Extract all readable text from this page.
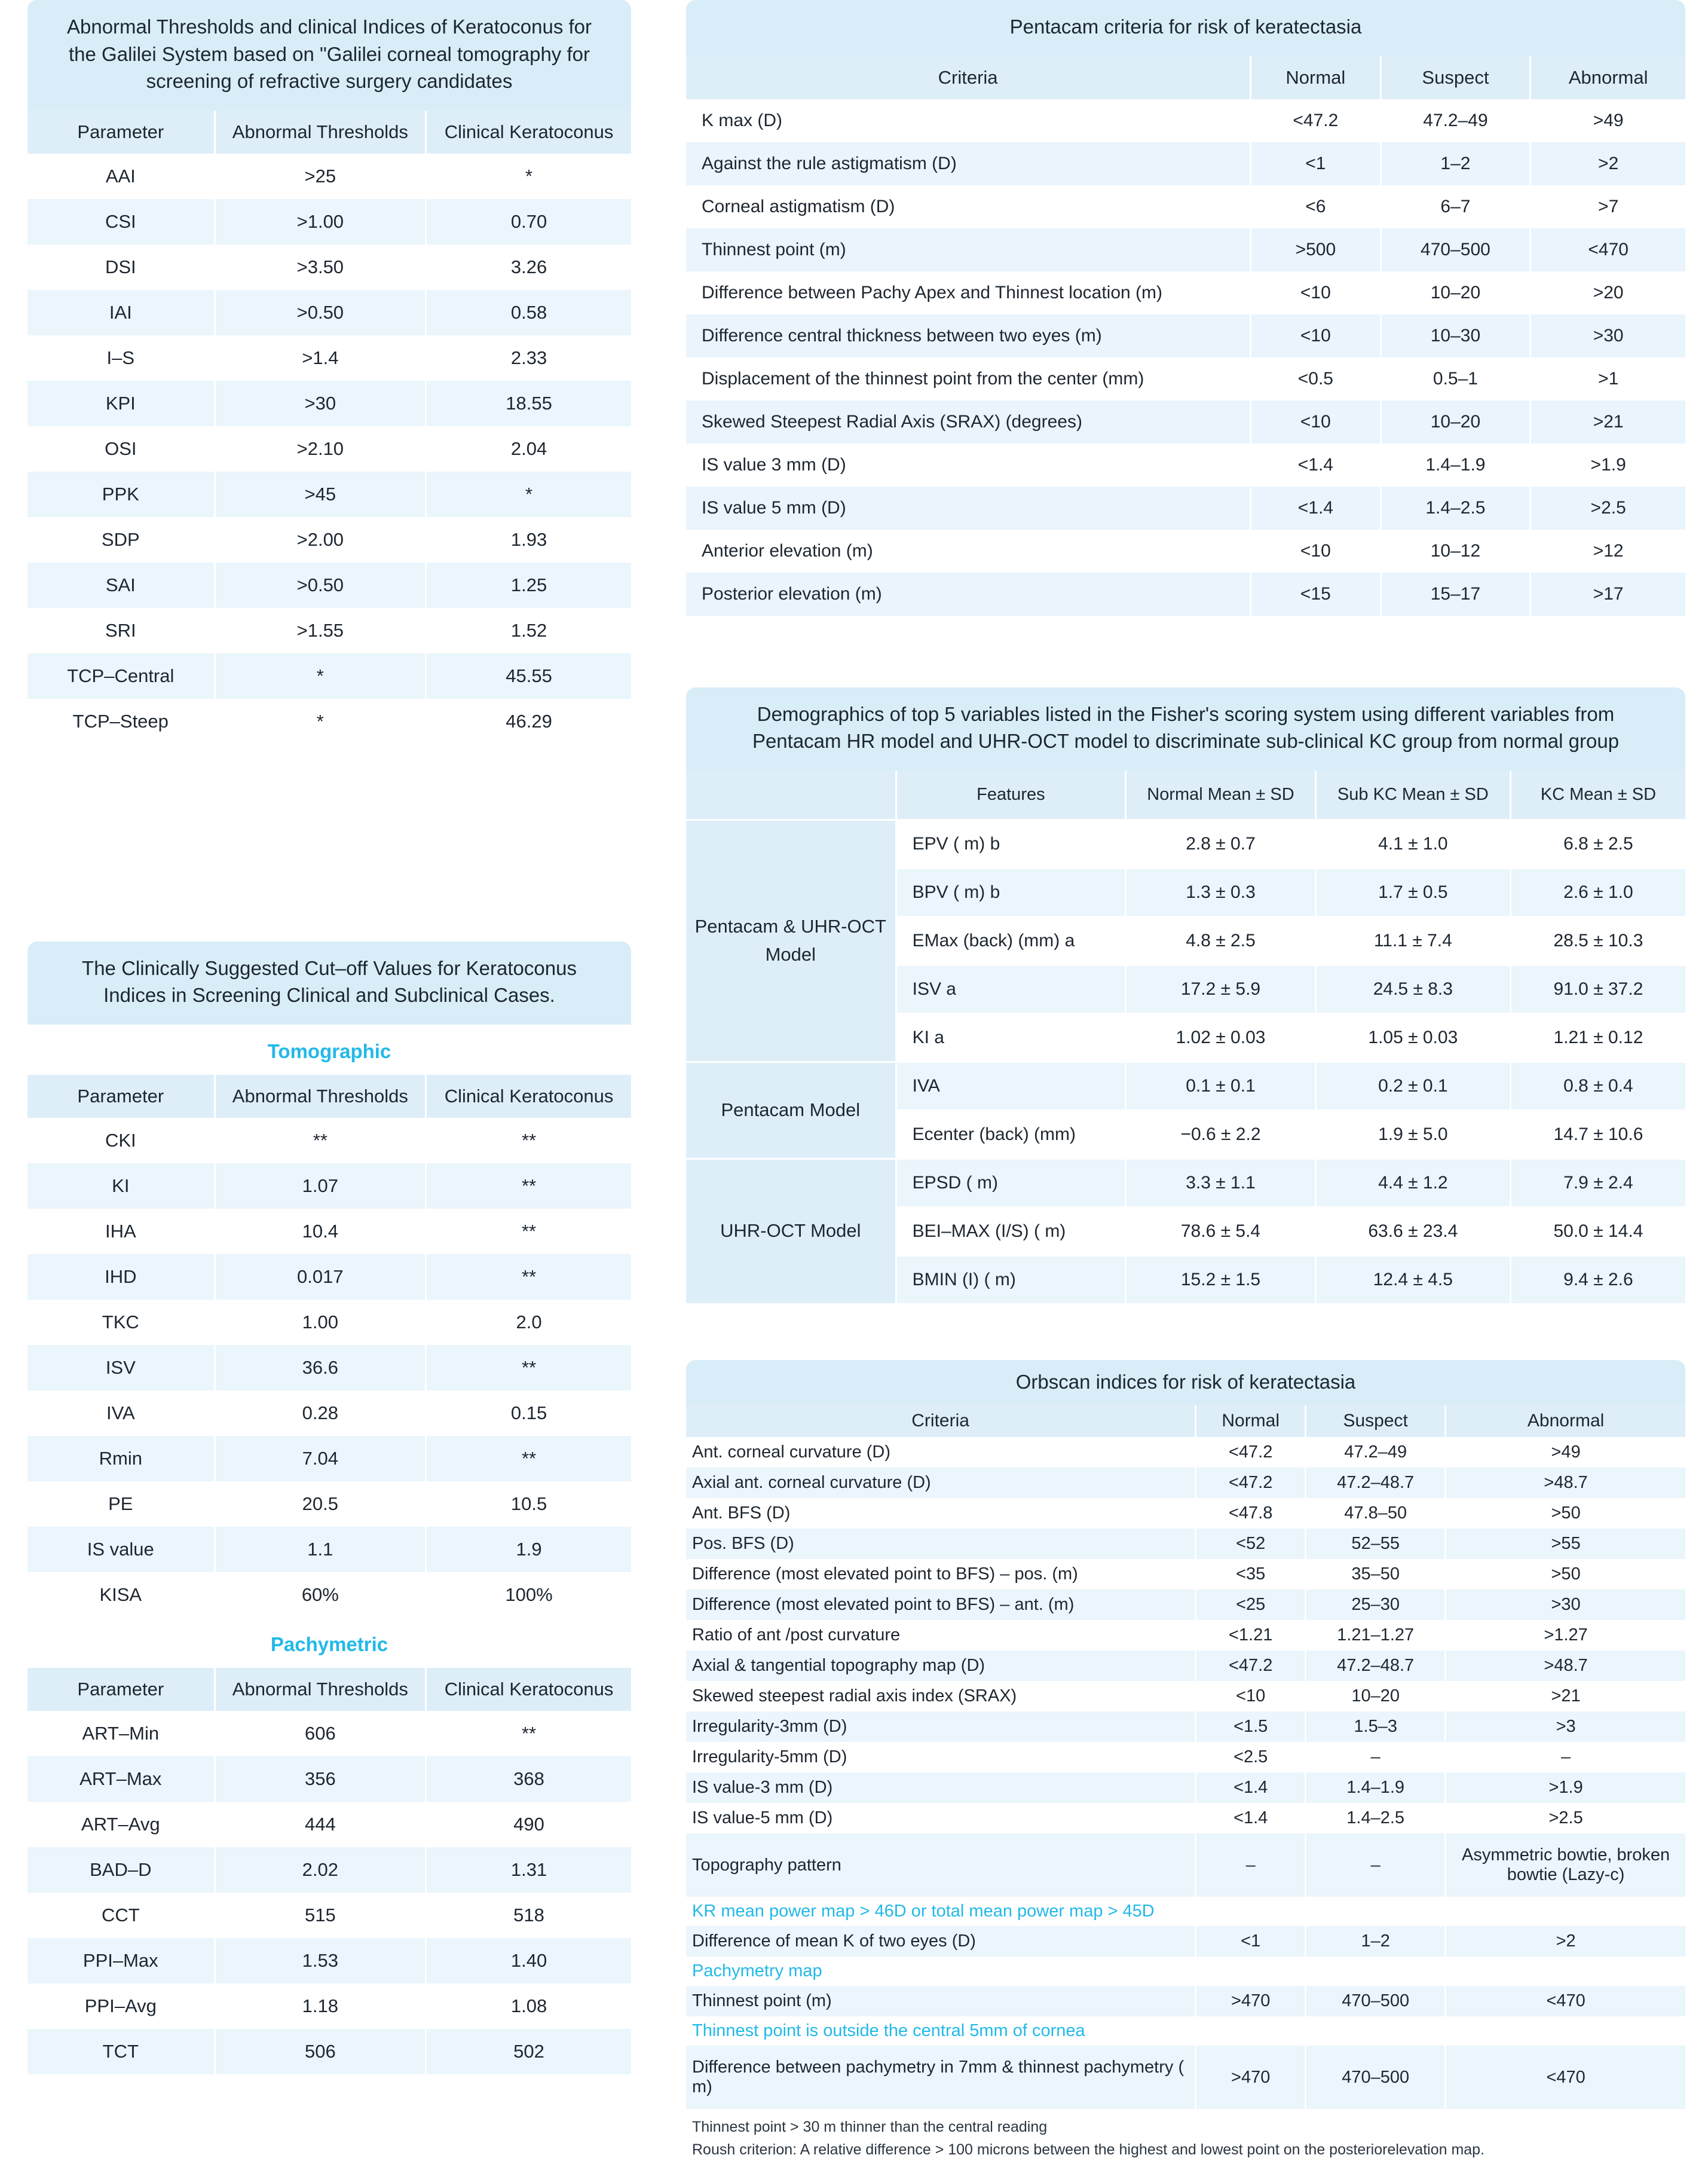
Abnormal Thresholds and clinical Indices of Keratoconus for the Galilei System based on "Galilei corneal tomography for screening of refractive surgery candidates
Parameter	Abnormal Thresholds	Clinical Keratoconus
AAI	>25	*
CSI	>1.00	0.70
DSI	>3.50	3.26
IAI	>0.50	0.58
I–S	>1.4	2.33
KPI	>30	18.55
OSI	>2.10	2.04
PPK	>45	*
SDP	>2.00	1.93
SAI	>0.50	1.25
SRI	>1.55	1.52
TCP–Central	*	45.55
TCP–Steep	*	46.29
The Clinically Suggested Cut–off Values for Keratoconus Indices in Screening Clinical and Subclinical Cases.
Tomographic
Parameter	Abnormal Thresholds	Clinical Keratoconus
CKI	**	**
KI	1.07	**
IHA	10.4	**
IHD	0.017	**
TKC	1.00	2.0
ISV	36.6	**
IVA	0.28	0.15
Rmin	7.04	**
PE	20.5	10.5
IS value	1.1	1.9
KISA	60%	100%
Pachymetric
Parameter	Abnormal Thresholds	Clinical Keratoconus
ART–Min	606	**
ART–Max	356	368
ART–Avg	444	490
BAD–D	2.02	1.31
CCT	515	518
PPI–Max	1.53	1.40
PPI–Avg	1.18	1.08
TCT	506	502
Pentacam criteria for risk of keratectasia
Criteria	Normal	Suspect	Abnormal
K max (D)	<47.2	47.2–49	>49
Against the rule astigmatism (D)	<1	1–2	>2
Corneal astigmatism (D)	<6	6–7	>7
Thinnest point (m)	>500	470–500	<470
Difference between Pachy Apex and Thinnest location (m)	<10	10–20	>20
Difference central thickness between two eyes (m)	<10	10–30	>30
Displacement of the thinnest point from the center (mm)	<0.5	0.5–1	>1
Skewed Steepest Radial Axis (SRAX) (degrees)	<10	10–20	>21
IS value 3 mm (D)	<1.4	1.4–1.9	>1.9
IS value 5 mm (D)	<1.4	1.4–2.5	>2.5
Anterior elevation (m)	<10	10–12	>12
Posterior elevation (m)	<15	15–17	>17
Demographics of top 5 variables listed in the Fisher's scoring system using different variables from Pentacam HR model and UHR-OCT model to discriminate sub-clinical KC group from normal group
	Features	Normal Mean ± SD	Sub KC Mean ± SD	KC Mean ± SD
Pentacam & UHR-OCT Model	EPV ( m) b	2.8 ± 0.7	4.1 ± 1.0	6.8 ± 2.5
	BPV ( m) b	1.3 ± 0.3	1.7 ± 0.5	2.6 ± 1.0
	EMax (back) (mm) a	4.8 ± 2.5	11.1 ± 7.4	28.5 ± 10.3
	ISV a	17.2 ± 5.9	24.5 ± 8.3	91.0 ± 37.2
	KI a	1.02 ± 0.03	1.05 ± 0.03	1.21 ± 0.12
Pentacam Model	IVA	0.1 ± 0.1	0.2 ± 0.1	0.8 ± 0.4
	Ecenter (back) (mm)	−0.6 ± 2.2	1.9 ± 5.0	14.7 ± 10.6
UHR-OCT Model	EPSD ( m)	3.3 ± 1.1	4.4 ± 1.2	7.9 ± 2.4
	BEI–MAX (I/S) ( m)	78.6 ± 5.4	63.6 ± 23.4	50.0 ± 14.4
	BMIN (I) ( m)	15.2 ± 1.5	12.4 ± 4.5	9.4 ± 2.6
Orbscan indices for risk of keratectasia
Criteria	Normal	Suspect	Abnormal
Ant. corneal curvature (D)	<47.2	47.2–49	>49
Axial ant. corneal curvature (D)	<47.2	47.2–48.7	>48.7
Ant. BFS (D)	<47.8	47.8–50	>50
Pos. BFS (D)	<52	52–55	>55
Difference (most elevated point to BFS) – pos. (m)	<35	35–50	>50
Difference (most elevated point to BFS) – ant. (m)	<25	25–30	>30
Ratio of ant /post curvature	<1.21	1.21–1.27	>1.27
Axial & tangential topography map (D)	<47.2	47.2–48.7	>48.7
Skewed steepest radial axis index (SRAX)	<10	10–20	>21
Irregularity-3mm (D)	<1.5	1.5–3	>3
Irregularity-5mm (D)	<2.5	–	–
IS value-3 mm (D)	<1.4	1.4–1.9	>1.9
IS value-5 mm (D)	<1.4	1.4–2.5	>2.5
Topography pattern	–	–	Asymmetric bowtie, broken bowtie (Lazy-c)
KR mean power map > 46D or total mean power map > 45D			
Difference of mean K of two eyes (D)	<1	1–2	>2
Pachymetry map			
Thinnest point (m)	>470	470–500	<470
Thinnest point is outside the central 5mm of cornea			
Difference between pachymetry in 7mm & thinnest pachymetry ( m)	>470	470–500	<470
Thinnest point > 30 m thinner than the central reading
Roush criterion: A relative difference > 100 microns between the highest and lowest point on the posteriorelevation map.
